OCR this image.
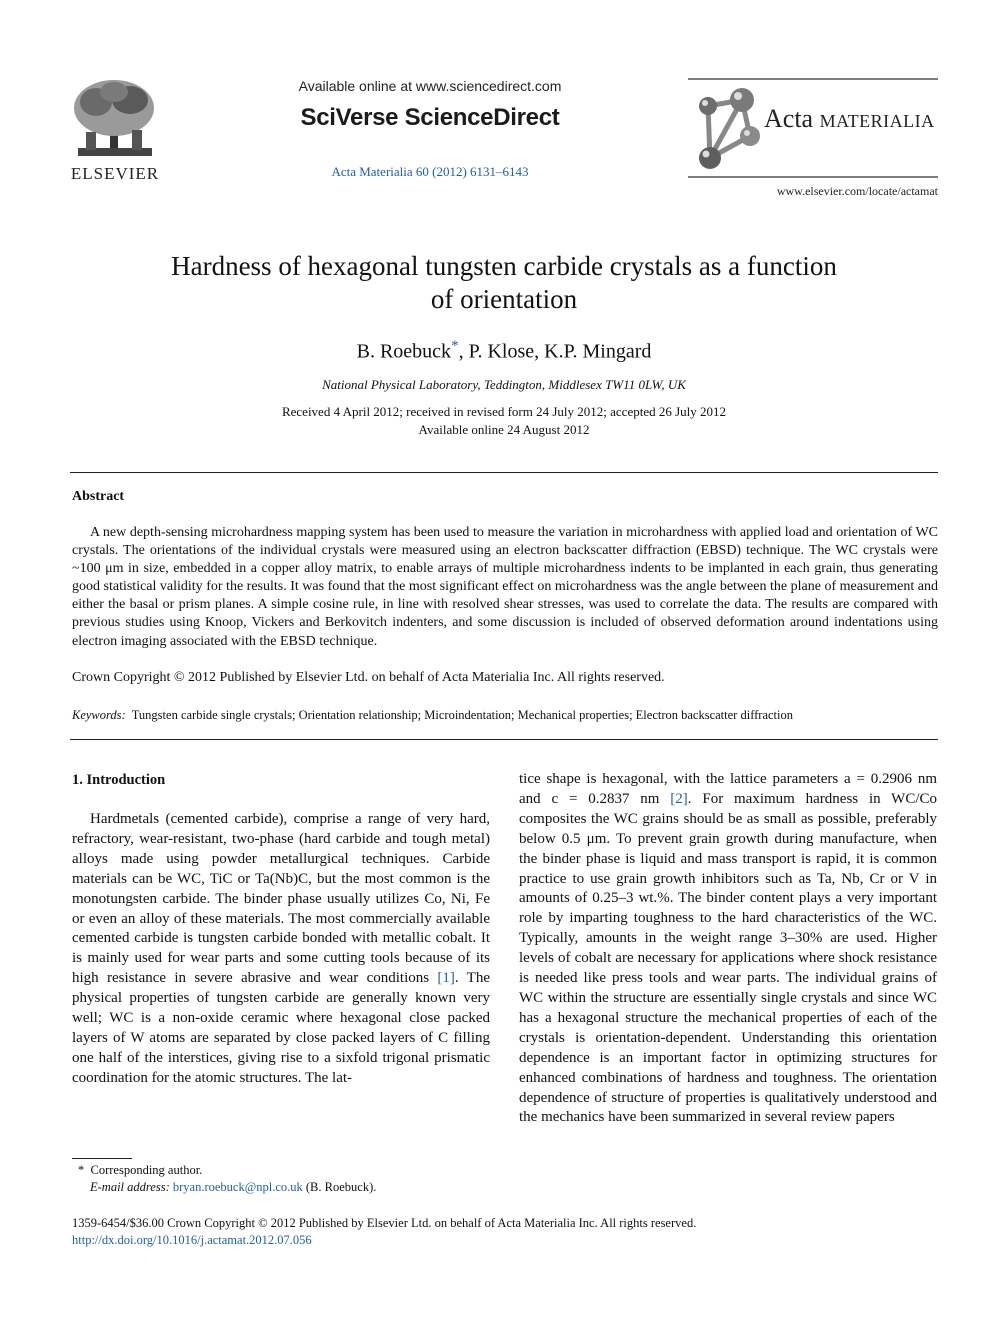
ELSEVIER
Available online at www.sciencedirect.com
SciVerse ScienceDirect
Acta Materialia 60 (2012) 6131–6143
Acta MATERIALIA
www.elsevier.com/locate/actamat
Hardness of hexagonal tungsten carbide crystals as a function
of orientation
B. Roebuck*, P. Klose, K.P. Mingard
National Physical Laboratory, Teddington, Middlesex TW11 0LW, UK
Received 4 April 2012; received in revised form 24 July 2012; accepted 26 July 2012
Available online 24 August 2012
Abstract
A new depth-sensing microhardness mapping system has been used to measure the variation in microhardness with applied load and orientation of WC crystals. The orientations of the individual crystals were measured using an electron backscatter diffraction (EBSD) technique. The WC crystals were ~100 μm in size, embedded in a copper alloy matrix, to enable arrays of multiple microhardness indents to be implanted in each grain, thus generating good statistical validity for the results. It was found that the most significant effect on microhardness was the angle between the plane of measurement and either the basal or prism planes. A simple cosine rule, in line with resolved shear stresses, was used to correlate the data. The results are compared with previous studies using Knoop, Vickers and Berkovitch indenters, and some discussion is included of observed deformation around indentations using electron imaging associated with the EBSD technique.
Crown Copyright © 2012 Published by Elsevier Ltd. on behalf of Acta Materialia Inc. All rights reserved.
Keywords: Tungsten carbide single crystals; Orientation relationship; Microindentation; Mechanical properties; Electron backscatter diffraction
1. Introduction

Hardmetals (cemented carbide), comprise a range of very hard, refractory, wear-resistant, two-phase (hard carbide and tough metal) alloys made using powder metallurgical techniques. Carbide materials can be WC, TiC or Ta(Nb)C, but the most common is the monotungsten carbide. The binder phase usually utilizes Co, Ni, Fe or even an alloy of these materials. The most commercially available cemented carbide is tungsten carbide bonded with metallic cobalt. It is mainly used for wear parts and some cutting tools because of its high resistance in severe abrasive and wear conditions [1]. The physical properties of tungsten carbide are generally known very well; WC is a non-oxide ceramic where hexagonal close packed layers of W atoms are separated by close packed layers of C filling one half of the interstices, giving rise to a sixfold trigonal prismatic coordination for the atomic structures. The lat-

tice shape is hexagonal, with the lattice parameters a = 0.2906 nm and c = 0.2837 nm [2]. For maximum hardness in WC/Co composites the WC grains should be as small as possible, preferably below 0.5 μm. To prevent grain growth during manufacture, when the binder phase is liquid and mass transport is rapid, it is common practice to use grain growth inhibitors such as Ta, Nb, Cr or V in amounts of 0.25–3 wt.%. The binder content plays a very important role by imparting toughness to the hard characteristics of the WC. Typically, amounts in the weight range 3–30% are used. Higher levels of cobalt are necessary for applications where shock resistance is needed like press tools and wear parts. The individual grains of WC within the structure are essentially single crystals and since WC has a hexagonal structure the mechanical properties of each of the crystals is orientation-dependent. Understanding this orientation dependence is an important factor in optimizing structures for enhanced combinations of hardness and toughness. The orientation dependence of structure of properties is qualitatively understood and the mechanics have been summarized in several review papers

* Corresponding author.
E-mail address: bryan.roebuck@npl.co.uk (B. Roebuck).
1359-6454/$36.00 Crown Copyright © 2012 Published by Elsevier Ltd. on behalf of Acta Materialia Inc. All rights reserved.
http://dx.doi.org/10.1016/j.actamat.2012.07.056
